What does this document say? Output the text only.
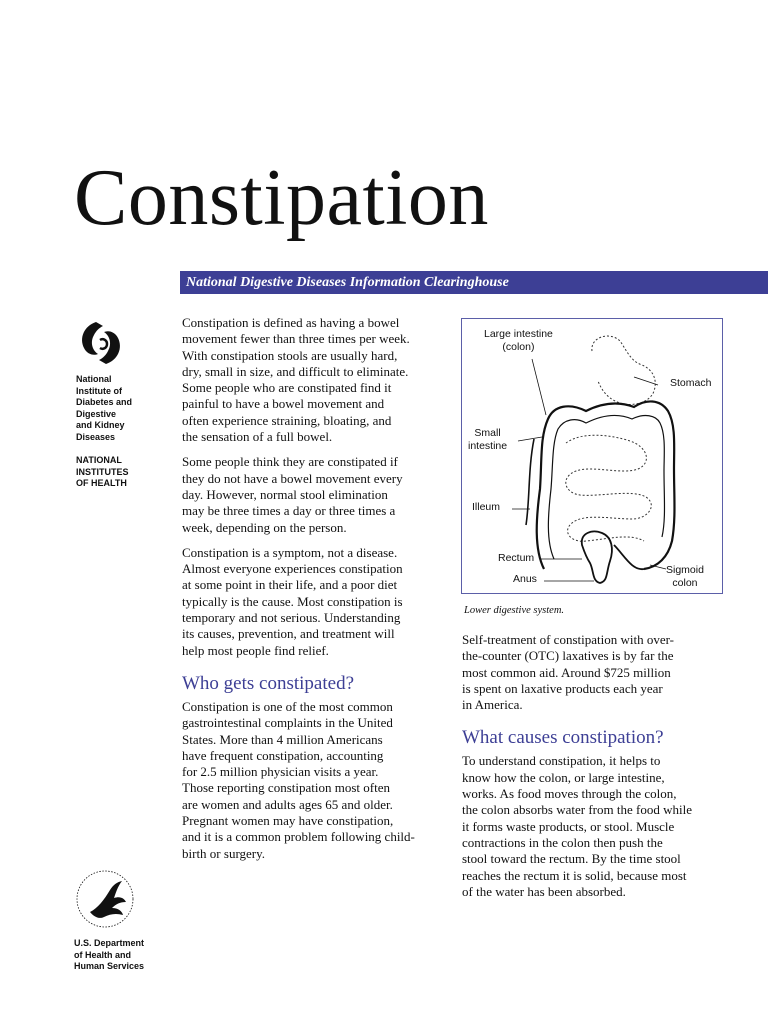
Constipation
National Digestive Diseases Information Clearinghouse

National
Institute of
Diabetes and
Digestive
and Kidney
Diseases

NATIONAL
INSTITUTES
OF HEALTH

U.S. Department
of Health and
Human Services

Constipation is defined as having a bowel
movement fewer than three times per week.
With constipation stools are usually hard,
dry, small in size, and difficult to eliminate.
Some people who are constipated find it
painful to have a bowel movement and
often experience straining, bloating, and
the sensation of a full bowel.

Some people think they are constipated if
they do not have a bowel movement every
day. However, normal stool elimination
may be three times a day or three times a
week, depending on the person.

Constipation is a symptom, not a disease.
Almost everyone experiences constipation
at some point in their life, and a poor diet
typically is the cause. Most constipation is
temporary and not serious. Understanding
its causes, prevention, and treatment will
help most people find relief.

Who gets constipated?

Constipation is one of the most common
gastrointestinal complaints in the United
States. More than 4 million Americans
have frequent constipation, accounting
for 2.5 million physician visits a year.
Those reporting constipation most often
are women and adults ages 65 and older.
Pregnant women may have constipation,
and it is a common problem following child-
birth or surgery.

Large intestine
(colon)
Stomach
Small
intestine
Illeum
Rectum
Anus
Sigmoid
colon
Lower digestive system.

Self-treatment of constipation with over-
the-counter (OTC) laxatives is by far the
most common aid. Around $725 million
is spent on laxative products each year
in America.

What causes constipation?

To understand constipation, it helps to
know how the colon, or large intestine,
works. As food moves through the colon,
the colon absorbs water from the food while
it forms waste products, or stool. Muscle
contractions in the colon then push the
stool toward the rectum. By the time stool
reaches the rectum it is solid, because most
of the water has been absorbed.
